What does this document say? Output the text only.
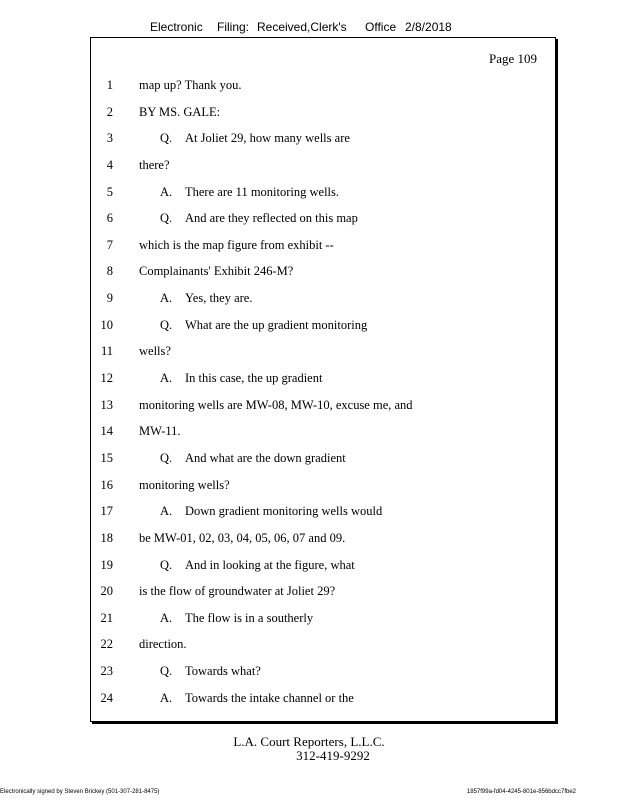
Electronic Filing: Received,Clerk's Office 2/8/2018
Page 109
1 map up? Thank you.
2 BY MS. GALE:
3	Q. At Joliet 29, how many wells are
4 there?
5	A. There are 11 monitoring wells.
6	Q. And are they reflected on this map
7 which is the map figure from exhibit --
8 Complainants' Exhibit 246-M?
9	A. Yes, they are.
10	Q. What are the up gradient monitoring
11 wells?
12	A. In this case, the up gradient
13 monitoring wells are MW-08, MW-10, excuse me, and
14 MW-11.
15	Q. And what are the down gradient
16 monitoring wells?
17	A. Down gradient monitoring wells would
18 be MW-01, 02, 03, 04, 05, 06, 07 and 09.
19	Q. And in looking at the figure, what
20 is the flow of groundwater at Joliet 29?
21	A. The flow is in a southerly
22 direction.
23	Q. Towards what?
24	A. Towards the intake channel or the
L.A. Court Reporters, L.L.C.
312-419-9292
Electronically signed by Steven Brickey (501-307-281-8475)	1857f99a-fd04-4245-801e-856bdcc7fbe2
